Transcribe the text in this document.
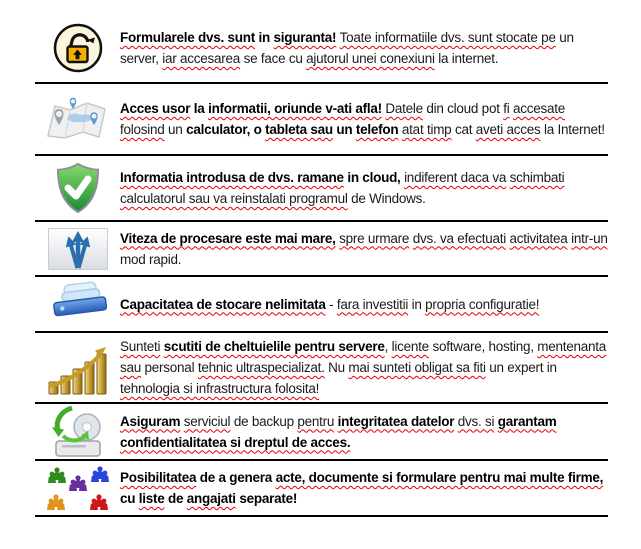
Formularele dvs. sunt in siguranta! Toate informatiile dvs. sunt stocate pe un server, iar accesarea se face cu ajutorul unei conexiuni la internet.

Acces usor la informatii, oriunde v-ati afla! Datele din cloud pot fi accesate folosind un calculator, o tableta sau un telefon atat timp cat aveti acces la Internet!

Informatia introdusa de dvs. ramane in cloud, indiferent daca va schimbati calculatorul sau va reinstalati programul de Windows.

Viteza de procesare este mai mare, spre urmare dvs. va efectuati activitatea intr-un mod rapid.

Capacitatea de stocare nelimitata - fara investitii in propria configuratie!

Sunteti scutiti de cheltuielile pentru servere, licente software, hosting, mentenanta sau personal tehnic ultraspecializat. Nu mai sunteti obligat sa fiti un expert in tehnologia si infrastructura folosita!

Asiguram serviciul de backup pentru integritatea datelor dvs. si garantam confidentialitatea si dreptul de acces.

Posibilitatea de a genera acte, documente si formulare pentru mai multe firme, cu liste de angajati separate!
